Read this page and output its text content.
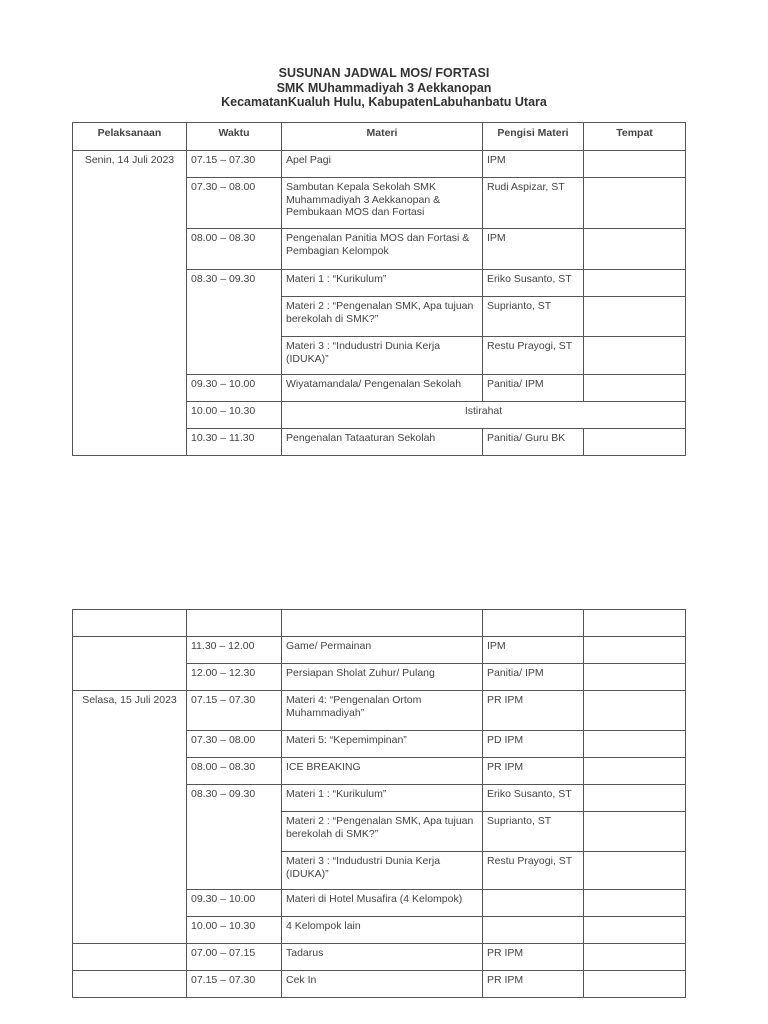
SUSUNAN JADWAL MOS/ FORTASI
SMK MUhammadiyah 3 Aekkanopan
KecamatanKualuh Hulu, KabupatenLabuhanbatu Utara
Pelaksanaan	Waktu	Materi	Pengisi Materi	Tempat
Senin, 14 Juli 2023	07.15 – 07.30	Apel Pagi	IPM	
	07.30 – 08.00	Sambutan Kepala Sekolah SMK Muhammadiyah 3 Aekkanopan & Pembukaan MOS dan Fortasi	Rudi Aspizar, ST	
	08.00 – 08.30	Pengenalan Panitia MOS dan Fortasi & Pembagian Kelompok	IPM	
	08.30 – 09.30	Materi 1 : “Kurikulum”	Eriko Susanto, ST	
		Materi 2 : “Pengenalan SMK, Apa tujuan berekolah di SMK?”	Suprianto, ST	
		Materi 3 : “Indudustri Dunia Kerja (IDUKA)”	Restu Prayogi, ST	
	09.30 – 10.00	Wiyatamandala/ Pengenalan Sekolah	Panitia/ IPM	
	10.00 – 10.30	Istirahat		
	10.30 – 11.30	Pengenalan Tataaturan Sekolah	Panitia/ Guru BK	

	11.30 – 12.00	Game/ Permainan	IPM	
	12.00 – 12.30	Persiapan Sholat Zuhur/ Pulang	Panitia/ IPM	
Selasa, 15 Juli 2023	07.15 – 07.30	Materi 4: “Pengenalan Ortom Muhammadiyah”	PR IPM	
	07.30 – 08.00	Materi 5: “Kepemimpinan”	PD IPM	
	08.00 – 08.30	ICE BREAKING	PR IPM	
	08.30 – 09.30	Materi 1 : “Kurikulum”	Eriko Susanto, ST	
		Materi 2 : “Pengenalan SMK, Apa tujuan berekolah di SMK?”	Suprianto, ST	
		Materi 3 : “Indudustri Dunia Kerja (IDUKA)”	Restu Prayogi, ST	
	09.30 – 10.00	Materi di Hotel Musafira (4 Kelompok)		
	10.00 – 10.30	4 Kelompok lain		
	07.00 – 07.15	Tadarus	PR IPM	
	07.15 – 07.30	Cek In	PR IPM	
